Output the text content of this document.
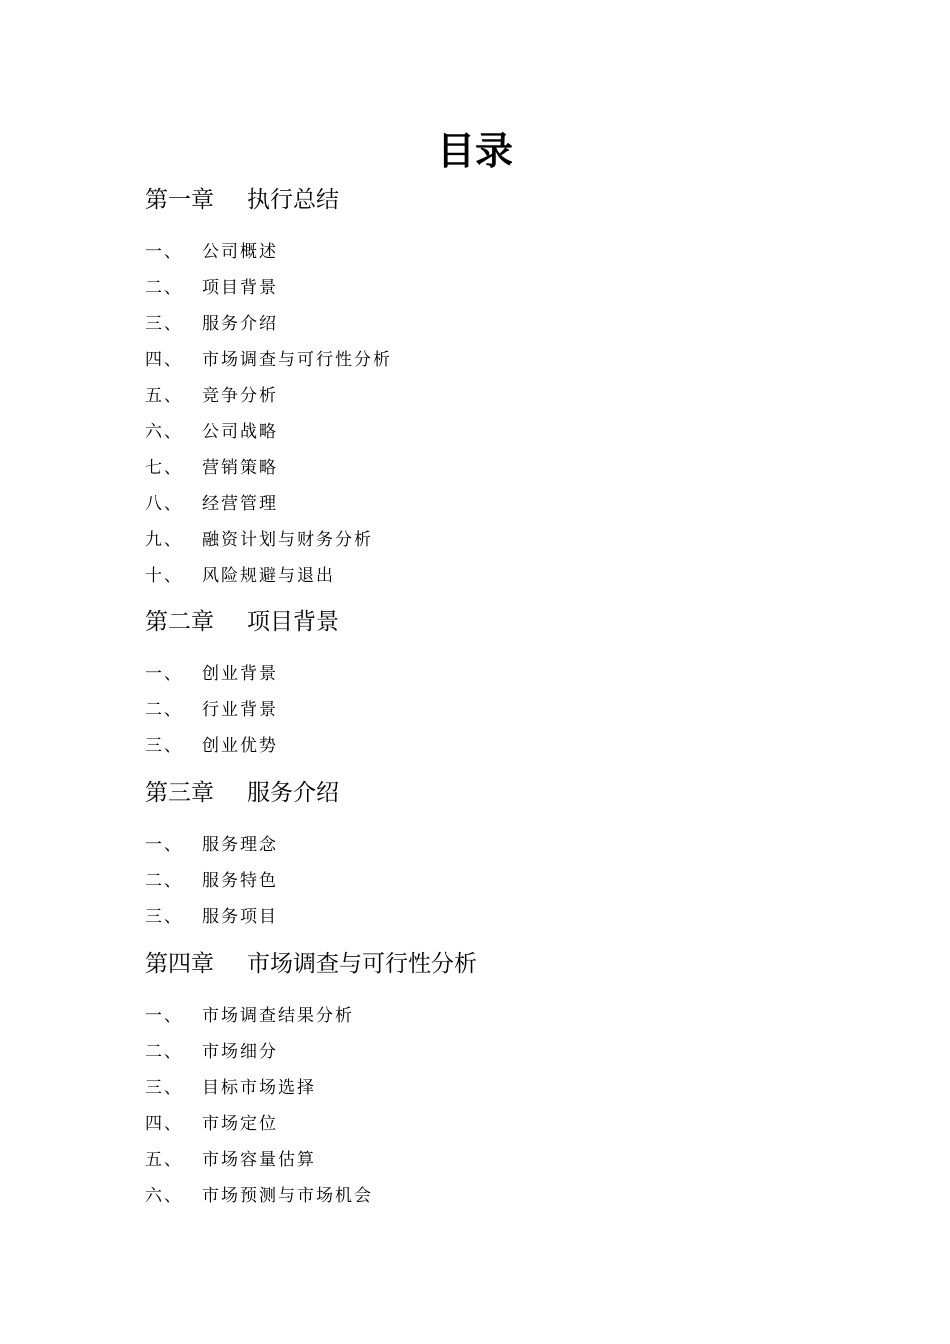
目录
第一章 执行总结
一、 公司概述
二、 项目背景
三、 服务介绍
四、 市场调查与可行性分析
五、 竞争分析
六、 公司战略
七、 营销策略
八、 经营管理
九、 融资计划与财务分析
十、 风险规避与退出
第二章 项目背景
一、 创业背景
二、 行业背景
三、 创业优势
第三章 服务介绍
一、 服务理念
二、 服务特色
三、 服务项目
第四章 市场调查与可行性分析
一、 市场调查结果分析
二、 市场细分
三、 目标市场选择
四、 市场定位
五、 市场容量估算
六、 市场预测与市场机会
